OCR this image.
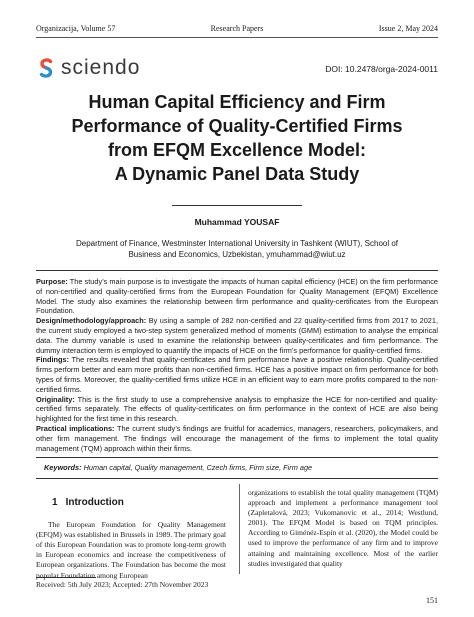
Organizacija, Volume 57	Research Papers	Issue 2, May 2024
sciendo	DOI: 10.2478/orga-2024-0011
Human Capital Efficiency and Firm
Performance of Quality-Certified Firms
from EFQM Excellence Model:
A Dynamic Panel Data Study
Muhammad YOUSAF
Department of Finance, Westminster International University in Tashkent (WIUT), School of Business and Economics, Uzbekistan, ymuhammad@wiut.uz

Purpose: The study’s main purpose is to investigate the impacts of human capital efficiency (HCE) on the firm performance of non-certified and quality-certified firms from the European Foundation for Quality Management (EFQM) Excellence Model. The study also examines the relationship between firm performance and quality-certificates from the European Foundation.

Design/methodology/approach: By using a sample of 282 non-certified and 22 quality-certified firms from 2017 to 2021, the current study employed a two-step system generalized method of moments (GMM) estimation to analyse the empirical data. The dummy variable is used to examine the relationship between quality-certificates and firm performance. The dummy interaction term is employed to quantify the impacts of HCE on the firm’s performance for quality-certified firms.

Findings: The results revealed that quality-certificates and firm performance have a positive relationship. Quality-certified firms perform better and earn more profits than non-certified firms. HCE has a positive impact on firm performance for both types of firms. Moreover, the quality-certified firms utilize HCE in an efficient way to earn more profits compared to the non-certified firms.

Originality: This is the first study to use a comprehensive analysis to emphasize the HCE for non-certified and quality-certified firms separately. The effects of quality-certificates on firm performance in the context of HCE are also being highlighted for the first time in this research.

Practical implications: The current study’s findings are fruitful for academics, managers, researchers, policymakers, and other firm management. The findings will encourage the management of the firms to implement the total quality management (TQM) approach within their firms.

Keywords: Human capital, Quality management, Czech firms, Firm size, Firm age
1 Introduction

The European Foundation for Quality Management (EFQM) was established in Brussels in 1989. The primary goal of this European Foundation was to promote long-term growth in European economics and increase the competitiveness of European organizations. The Foundation has become the most popular Foundation among European

organizations to establish the total quality management (TQM) approach and implement a performance management tool (Zapletalová, 2023; Vukomanovic et al., 2014; Westlund, 2001). The EFQM Model is based on TQM principles. According to Giménéz-Espín et al. (2020), the Model could be used to improve the performance of any firm and to improve attaining and maintaining excellence. Most of the earlier studies investigated that quality

Received: 5th July 2023; Accepted: 27th November 2023
151
